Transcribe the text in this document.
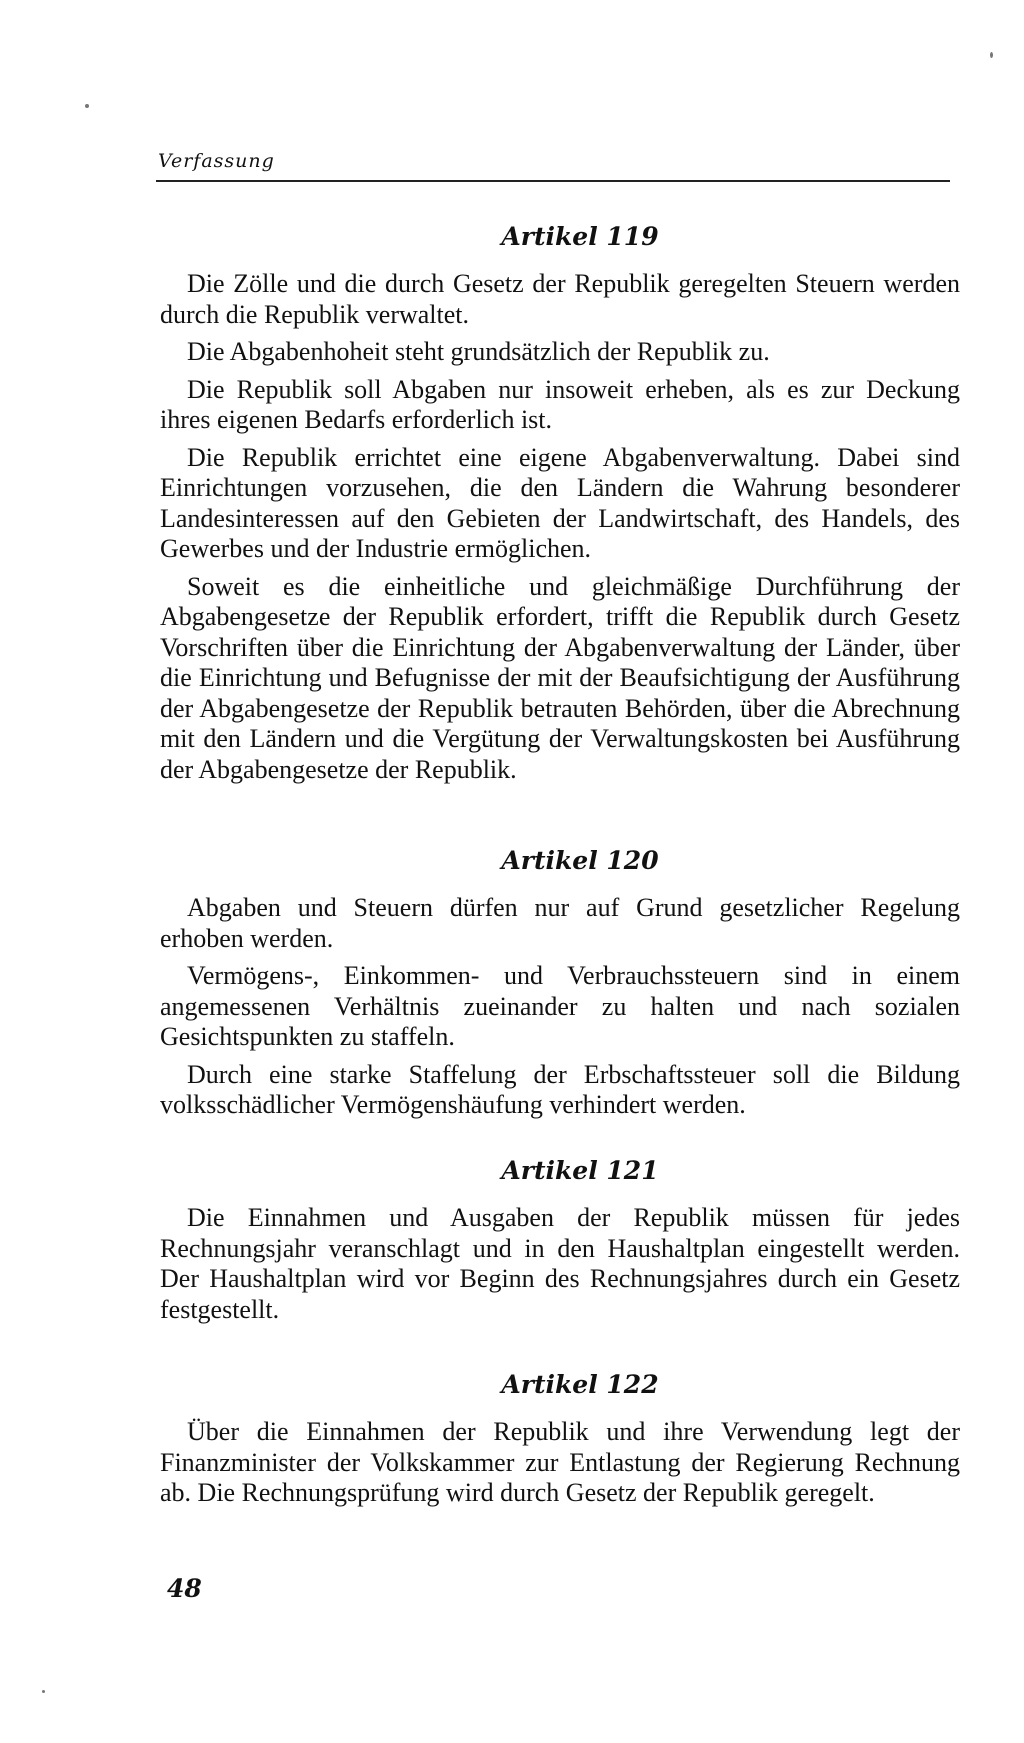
Verfassung
Artikel 119

Die Zölle und die durch Gesetz der Republik geregelten Steuern werden durch die Republik verwaltet.

Die Abgabenhoheit steht grundsätzlich der Republik zu.

Die Republik soll Abgaben nur insoweit erheben, als es zur Deckung ihres eigenen Bedarfs erforderlich ist.

Die Republik errichtet eine eigene Abgabenverwaltung. Dabei sind Einrichtungen vorzusehen, die den Ländern die Wahrung besonderer Landesinteressen auf den Gebieten der Landwirtschaft, des Handels, des Gewerbes und der Industrie ermöglichen.

Soweit es die einheitliche und gleichmäßige Durchführung der Abgabengesetze der Republik erfordert, trifft die Republik durch Gesetz Vorschriften über die Einrichtung der Abgabenverwaltung der Länder, über die Einrichtung und Befugnisse der mit der Beaufsichtigung der Ausführung der Abgabengesetze der Republik betrauten Behörden, über die Abrechnung mit den Ländern und die Vergütung der Verwaltungskosten bei Ausführung der Abgabengesetze der Republik.

Artikel 120

Abgaben und Steuern dürfen nur auf Grund gesetzlicher Regelung erhoben werden.

Vermögens-, Einkommen- und Verbrauchssteuern sind in einem angemessenen Verhältnis zueinander zu halten und nach sozialen Gesichtspunkten zu staffeln.

Durch eine starke Staffelung der Erbschaftssteuer soll die Bildung volksschädlicher Vermögenshäufung verhindert werden.

Artikel 121

Die Einnahmen und Ausgaben der Republik müssen für jedes Rechnungsjahr veranschlagt und in den Haushaltplan eingestellt werden. Der Haushaltplan wird vor Beginn des Rechnungsjahres durch ein Gesetz festgestellt.

Artikel 122

Über die Einnahmen der Republik und ihre Verwendung legt der Finanzminister der Volkskammer zur Entlastung der Regierung Rechnung ab. Die Rechnungsprüfung wird durch Gesetz der Republik geregelt.

48
